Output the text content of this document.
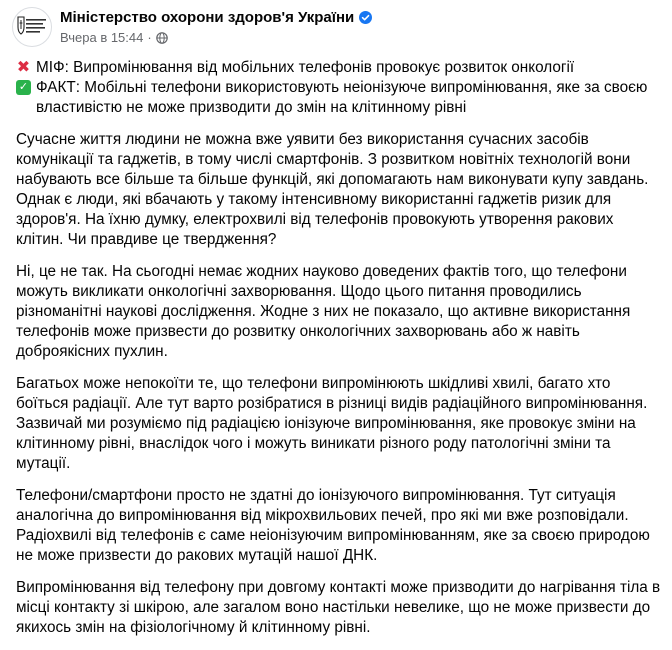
Міністерство охорони здоров'я України
Вчера в 15:44 ·
✖ МІФ: Випромінювання від мобільних телефонів провокує розвиток онкології
✓ ФАКТ: Мобільні телефони використовують неіонізуюче випромінювання, яке за своєю властивістю не може призводити до змін на клітинному рівні

Сучасне життя людини не можна вже уявити без використання сучасних засобів комунікації та гаджетів, в тому числі смартфонів. З розвитком новітніх технологій вони набувають все більше та більше функцій, які допомагають нам виконувати купу завдань. Однак є люди, які вбачають у такому інтенсивному використанні гаджетів ризик для здоров'я. На їхню думку, електрохвилі від телефонів провокують утворення ракових клітин. Чи правдиве це твердження?

Ні, це не так. На сьогодні немає жодних науково доведених фактів того, що телефони можуть викликати онкологічні захворювання. Щодо цього питання проводились різноманітні наукові дослідження. Жодне з них не показало, що активне використання телефонів може призвести до розвитку онкологічних захворювань або ж навіть доброякісних пухлин.

Багатьох може непокоїти те, що телефони випромінюють шкідливі хвилі, багато хто боїться радіації. Але тут варто розібратися в різниці видів радіаційного випромінювання. Зазвичай ми розуміємо під радіацією іонізуюче випромінювання, яке провокує зміни на клітинному рівні, внаслідок чого і можуть виникати різного роду патологічні зміни та мутації.

Телефони/смартфони просто не здатні до іонізуючого випромінювання. Тут ситуація аналогічна до випромінювання від мікрохвильових печей, про які ми вже розповідали. Радіохвилі від телефонів є саме неіонізуючим випромінюванням, яке за своєю природою не може призвести до ракових мутацій нашої ДНК.

Випромінювання від телефону при довгому контакті може призводити до нагрівання тіла в місці контакту зі шкірою, але загалом воно настільки невелике, що не може призвести до якихось змін на фізіологічному й клітинному рівні.
